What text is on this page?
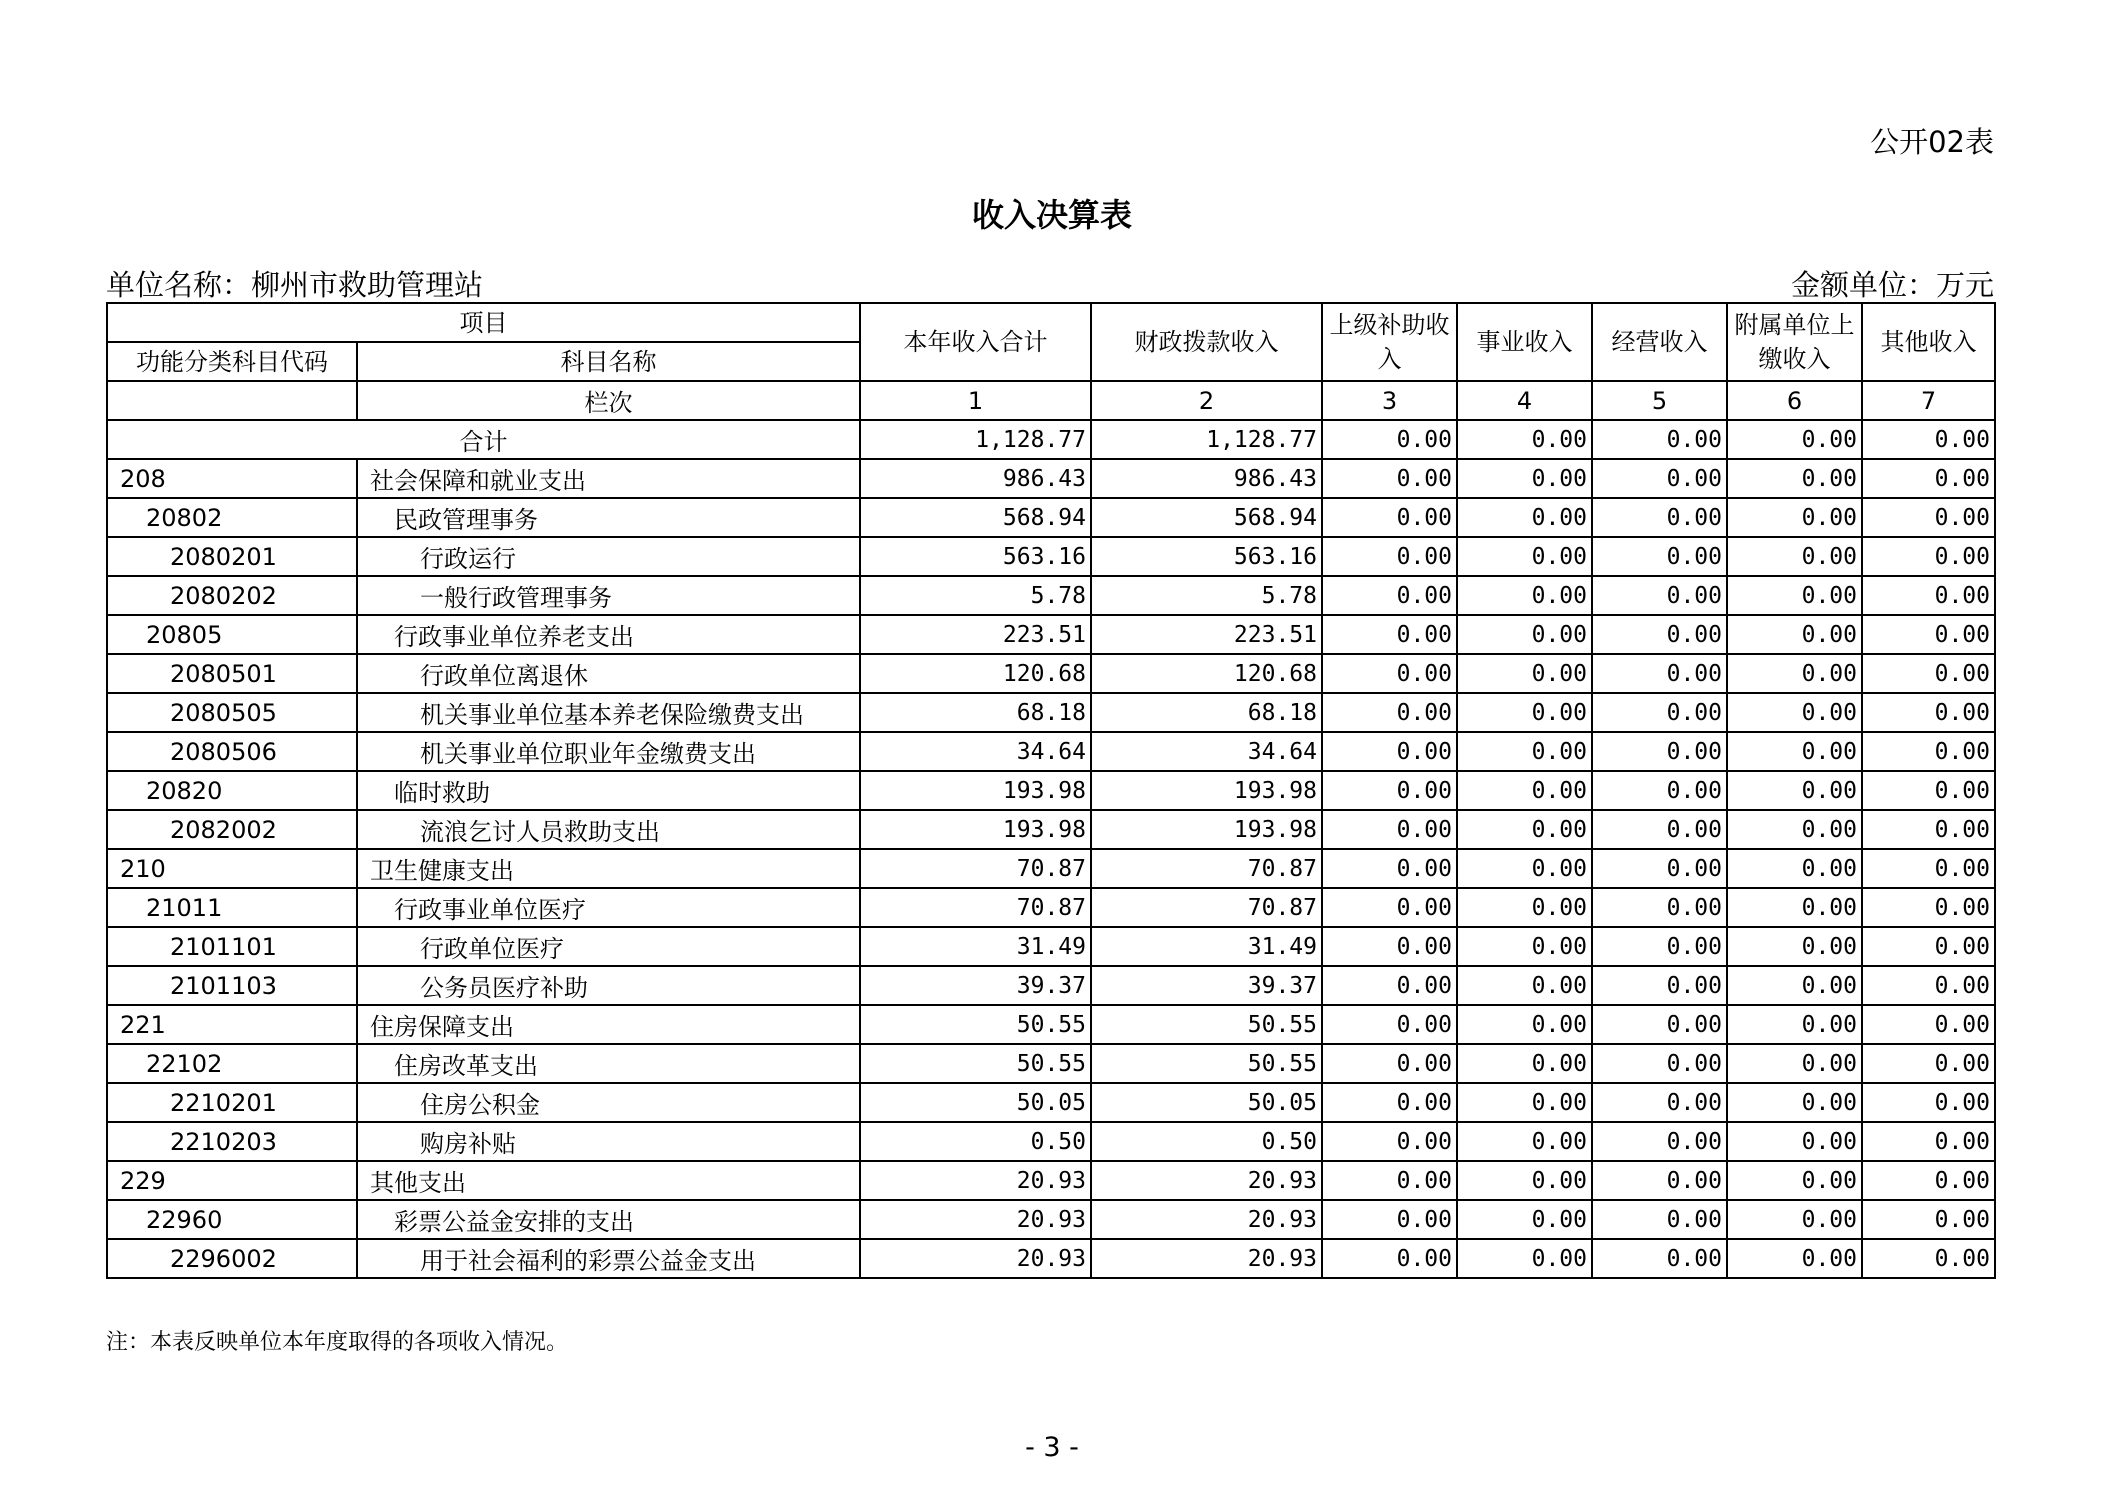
公开02表
收入决算表
单位名称：柳州市救助管理站	金额单位：万元
项目		本年收入合计	财政拨款收入	上级补助收入	事业收入	经营收入	附属单位上缴收入	其他收入
功能分类科目代码	科目名称							
	栏次	1	2	3	4	5	6	7
合计		1,128.77	1,128.77	0.00	0.00	0.00	0.00	0.00
208	社会保障和就业支出	986.43	986.43	0.00	0.00	0.00	0.00	0.00
20802	民政管理事务	568.94	568.94	0.00	0.00	0.00	0.00	0.00
2080201	行政运行	563.16	563.16	0.00	0.00	0.00	0.00	0.00
2080202	一般行政管理事务	5.78	5.78	0.00	0.00	0.00	0.00	0.00
20805	行政事业单位养老支出	223.51	223.51	0.00	0.00	0.00	0.00	0.00
2080501	行政单位离退休	120.68	120.68	0.00	0.00	0.00	0.00	0.00
2080505	机关事业单位基本养老保险缴费支出	68.18	68.18	0.00	0.00	0.00	0.00	0.00
2080506	机关事业单位职业年金缴费支出	34.64	34.64	0.00	0.00	0.00	0.00	0.00
20820	临时救助	193.98	193.98	0.00	0.00	0.00	0.00	0.00
2082002	流浪乞讨人员救助支出	193.98	193.98	0.00	0.00	0.00	0.00	0.00
210	卫生健康支出	70.87	70.87	0.00	0.00	0.00	0.00	0.00
21011	行政事业单位医疗	70.87	70.87	0.00	0.00	0.00	0.00	0.00
2101101	行政单位医疗	31.49	31.49	0.00	0.00	0.00	0.00	0.00
2101103	公务员医疗补助	39.37	39.37	0.00	0.00	0.00	0.00	0.00
221	住房保障支出	50.55	50.55	0.00	0.00	0.00	0.00	0.00
22102	住房改革支出	50.55	50.55	0.00	0.00	0.00	0.00	0.00
2210201	住房公积金	50.05	50.05	0.00	0.00	0.00	0.00	0.00
2210203	购房补贴	0.50	0.50	0.00	0.00	0.00	0.00	0.00
229	其他支出	20.93	20.93	0.00	0.00	0.00	0.00	0.00
22960	彩票公益金安排的支出	20.93	20.93	0.00	0.00	0.00	0.00	0.00
2296002	用于社会福利的彩票公益金支出	20.93	20.93	0.00	0.00	0.00	0.00	0.00
注：本表反映单位本年度取得的各项收入情况。
- 3 -
